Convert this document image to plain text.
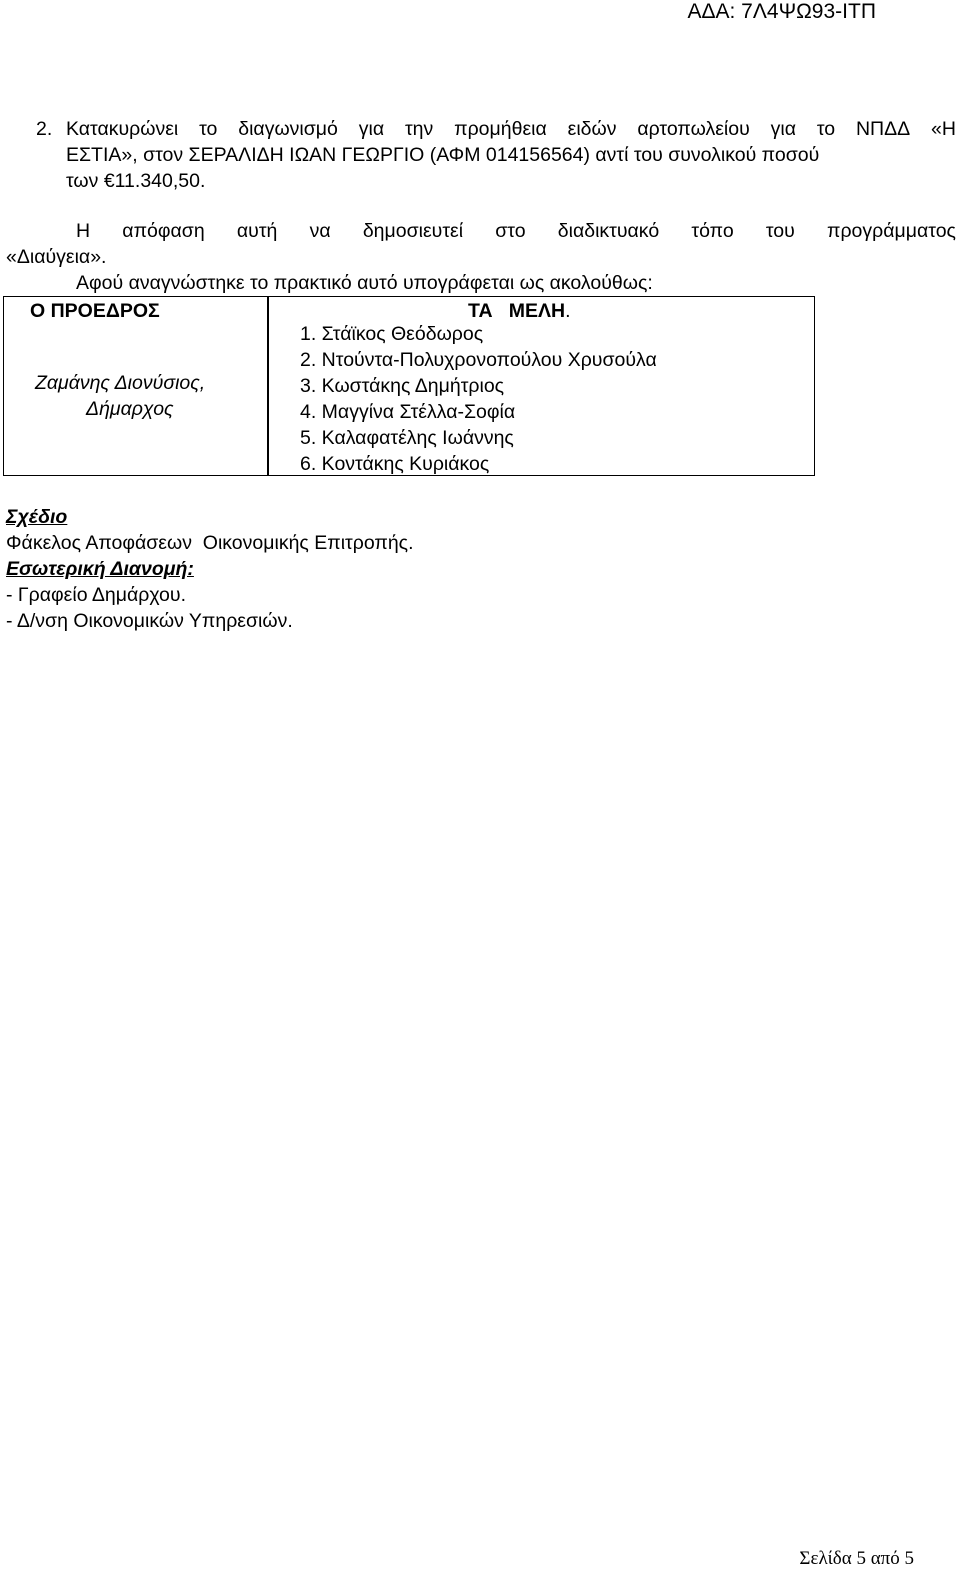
ΑΔΑ: 7Λ4ΨΩ93-ΙΤΠ
2. Κατακυρώνει το διαγωνισμό για την προμήθεια ειδών αρτοπωλείου για το ΝΠΔΔ «Η
ΕΣΤΙΑ», στον ΣΕΡΑΛΙΔΗ ΙΩΑΝ ΓΕΩΡΓΙΟ (ΑΦΜ 014156564) αντί του συνολικού ποσού
των €11.340,50.
Η απόφαση αυτή να δημοσιευτεί στο διαδικτυακό τόπο του προγράμματος
«Διαύγεια».
Αφού αναγνώστηκε το πρακτικό αυτό υπογράφεται ως ακολούθως:
Ο ΠΡΟΕΔΡΟΣ	ΤΑ   ΜΕΛΗ.
Ζαμάνης Διονύσιος,
Δήμαρχος
1. Στάϊκος Θεόδωρος
2. Ντούντα-Πολυχρονοπούλου Χρυσούλα
3. Κωστάκης Δημήτριος
4. Μαγγίνα Στέλλα-Σοφία
5. Καλαφατέλης Ιωάννης
6. Κοντάκης Κυριάκος
Σχέδιο
Φάκελος Αποφάσεων  Οικονομικής Επιτροπής.
Εσωτερική Διανομή:
- Γραφείο Δημάρχου.
- Δ/νση Οικονομικών Υπηρεσιών.
Σελίδα 5 από 5
